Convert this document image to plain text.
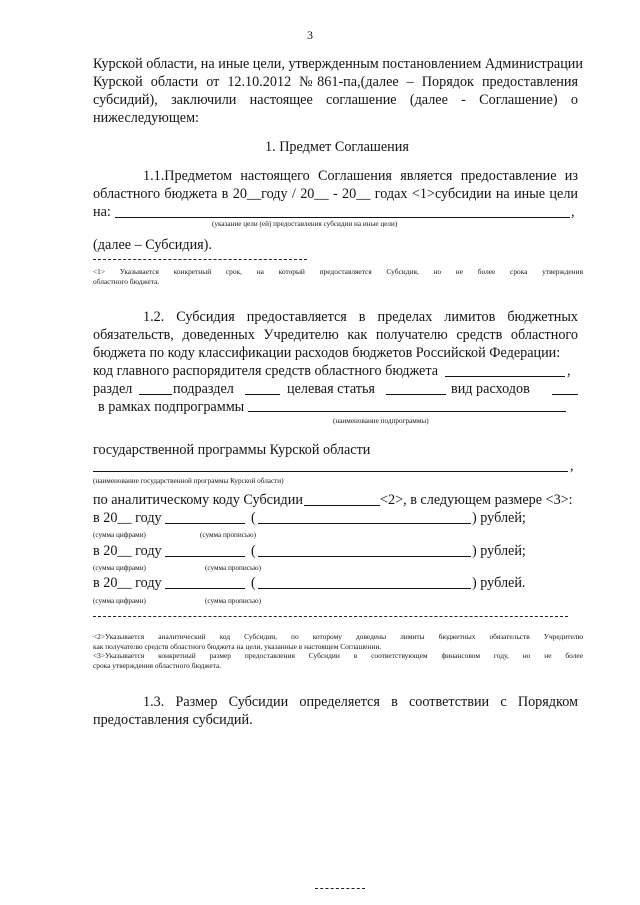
3
Курской области, на иные цели, утвержденным постановлением Администрации
Курской области от 12.10.2012 №861-па,(далее – Порядок предоставления
субсидий), заключили настоящее соглашение (далее - Соглашение) о
нижеследующем:
1. Предмет Соглашения
1.1.Предметом настоящего Соглашения является предоставление из
областного бюджета в 20__году / 20__ - 20__ годах <1>субсидии на иные цели
на:	,
(указание цели (ей) предоставления субсидии на иные цели)
(далее – Субсидия).
<1> Указывается конкретный срок, на который предоставляется Субсидия, но не более срока утверждения
областного бюджета.
1.2. Субсидия предоставляется в пределах лимитов бюджетных
обязательств, доведенных Учредителю как получателю средств областного
бюджета по коду классификации расходов бюджетов Российской Федерации:
код главного распорядителя средств областного бюджета	,
раздел	подраздел	целевая статья	вид расходов
в рамках подпрограммы
(наименование подпрограммы)
государственной программы Курской области
,
(наименование государственной программы Курской области)
по аналитическому коду Субсидии	<2>, в следующем размере <3>:
в 20__ году	(	) рублей;
(сумма цифрами)	(сумма прописью)
в 20__ году	(	) рублей;
(сумма цифрами)	(сумма прописью)
в 20__ году	(	) рублей.
(сумма цифрами)	(сумма прописью)
<2>Указывается аналитический код Субсидии, по которому доведены лимиты бюджетных обязательств Учредителю
как получателю средств областного бюджета на цели, указанные в настоящем Соглашении.
<3>Указывается конкретный размер предоставления Субсидии в соответствующем финансовом году, но не более
срока утверждения областного бюджета.
1.3. Размер Субсидии определяется в соответствии с Порядком
предоставления субсидий.
